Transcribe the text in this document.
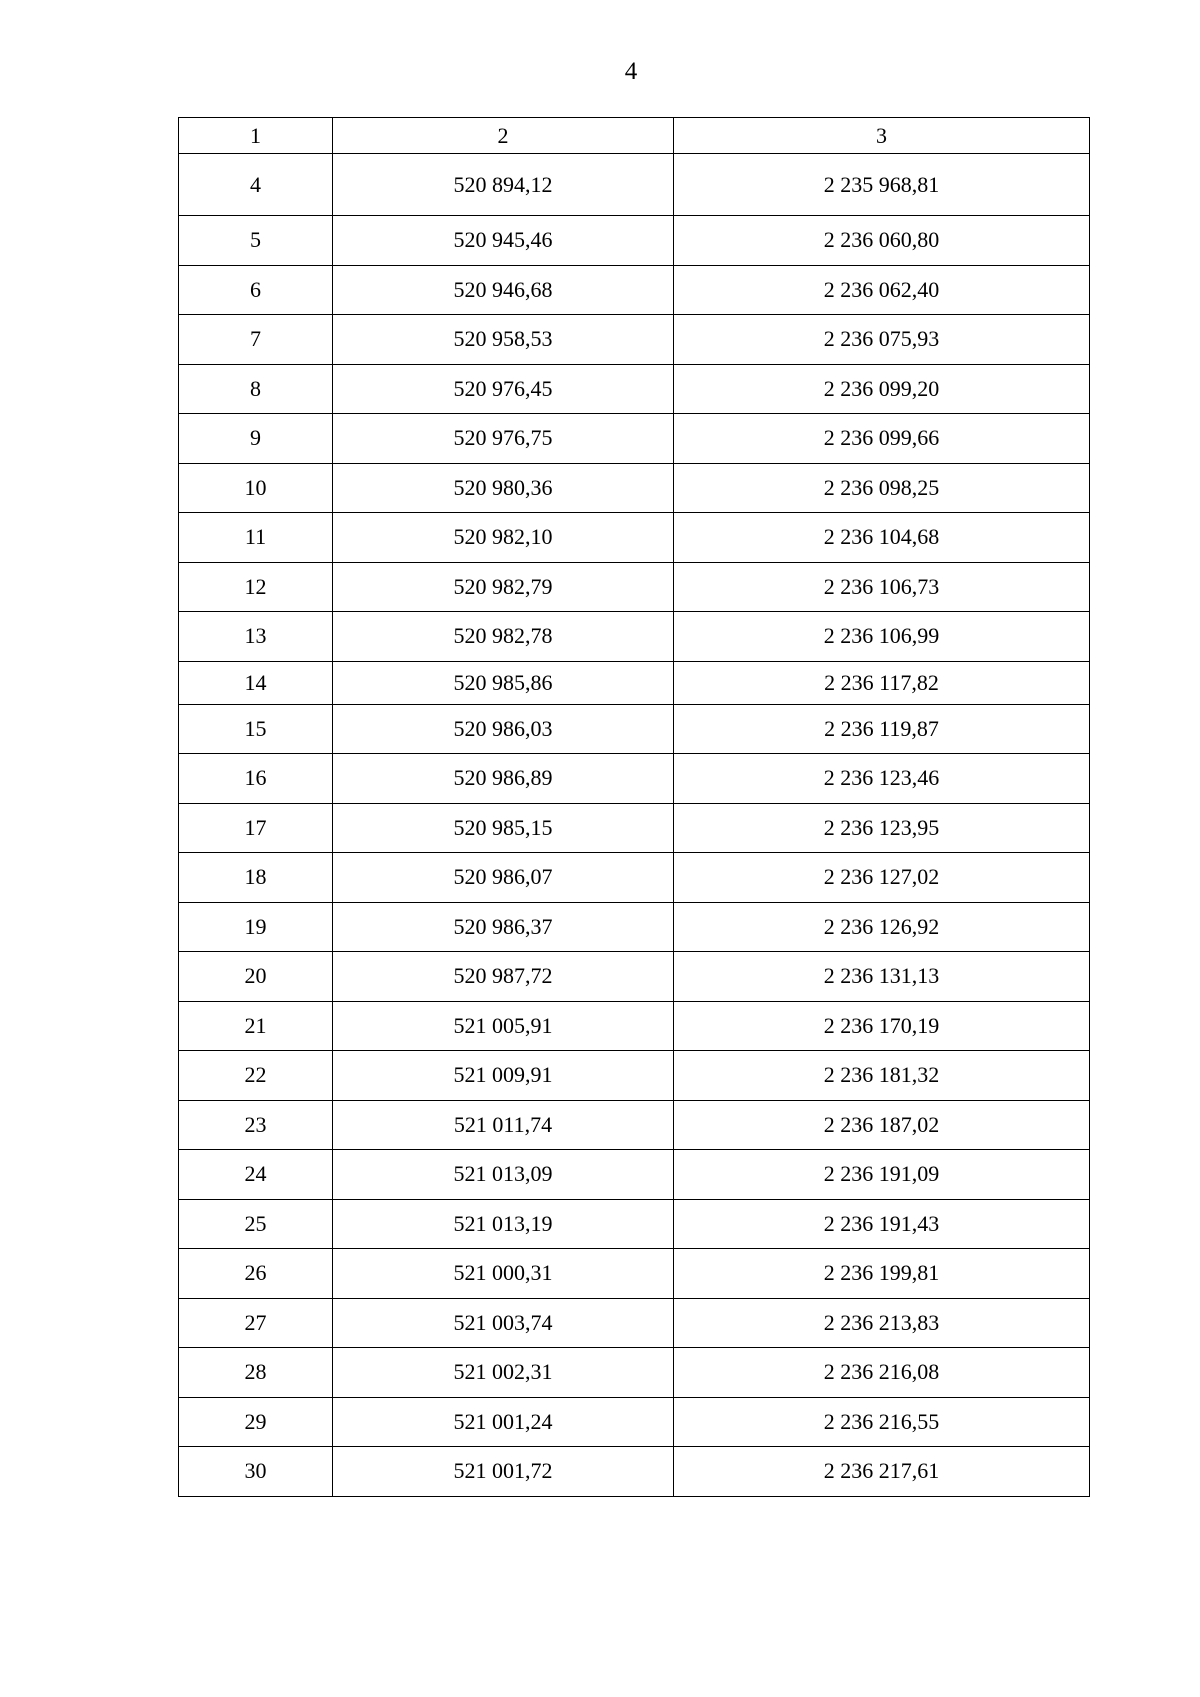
4
1	2	3
4	520 894,12	2 235 968,81
5	520 945,46	2 236 060,80
6	520 946,68	2 236 062,40
7	520 958,53	2 236 075,93
8	520 976,45	2 236 099,20
9	520 976,75	2 236 099,66
10	520 980,36	2 236 098,25
11	520 982,10	2 236 104,68
12	520 982,79	2 236 106,73
13	520 982,78	2 236 106,99
14	520 985,86	2 236 117,82
15	520 986,03	2 236 119,87
16	520 986,89	2 236 123,46
17	520 985,15	2 236 123,95
18	520 986,07	2 236 127,02
19	520 986,37	2 236 126,92
20	520 987,72	2 236 131,13
21	521 005,91	2 236 170,19
22	521 009,91	2 236 181,32
23	521 011,74	2 236 187,02
24	521 013,09	2 236 191,09
25	521 013,19	2 236 191,43
26	521 000,31	2 236 199,81
27	521 003,74	2 236 213,83
28	521 002,31	2 236 216,08
29	521 001,24	2 236 216,55
30	521 001,72	2 236 217,61
